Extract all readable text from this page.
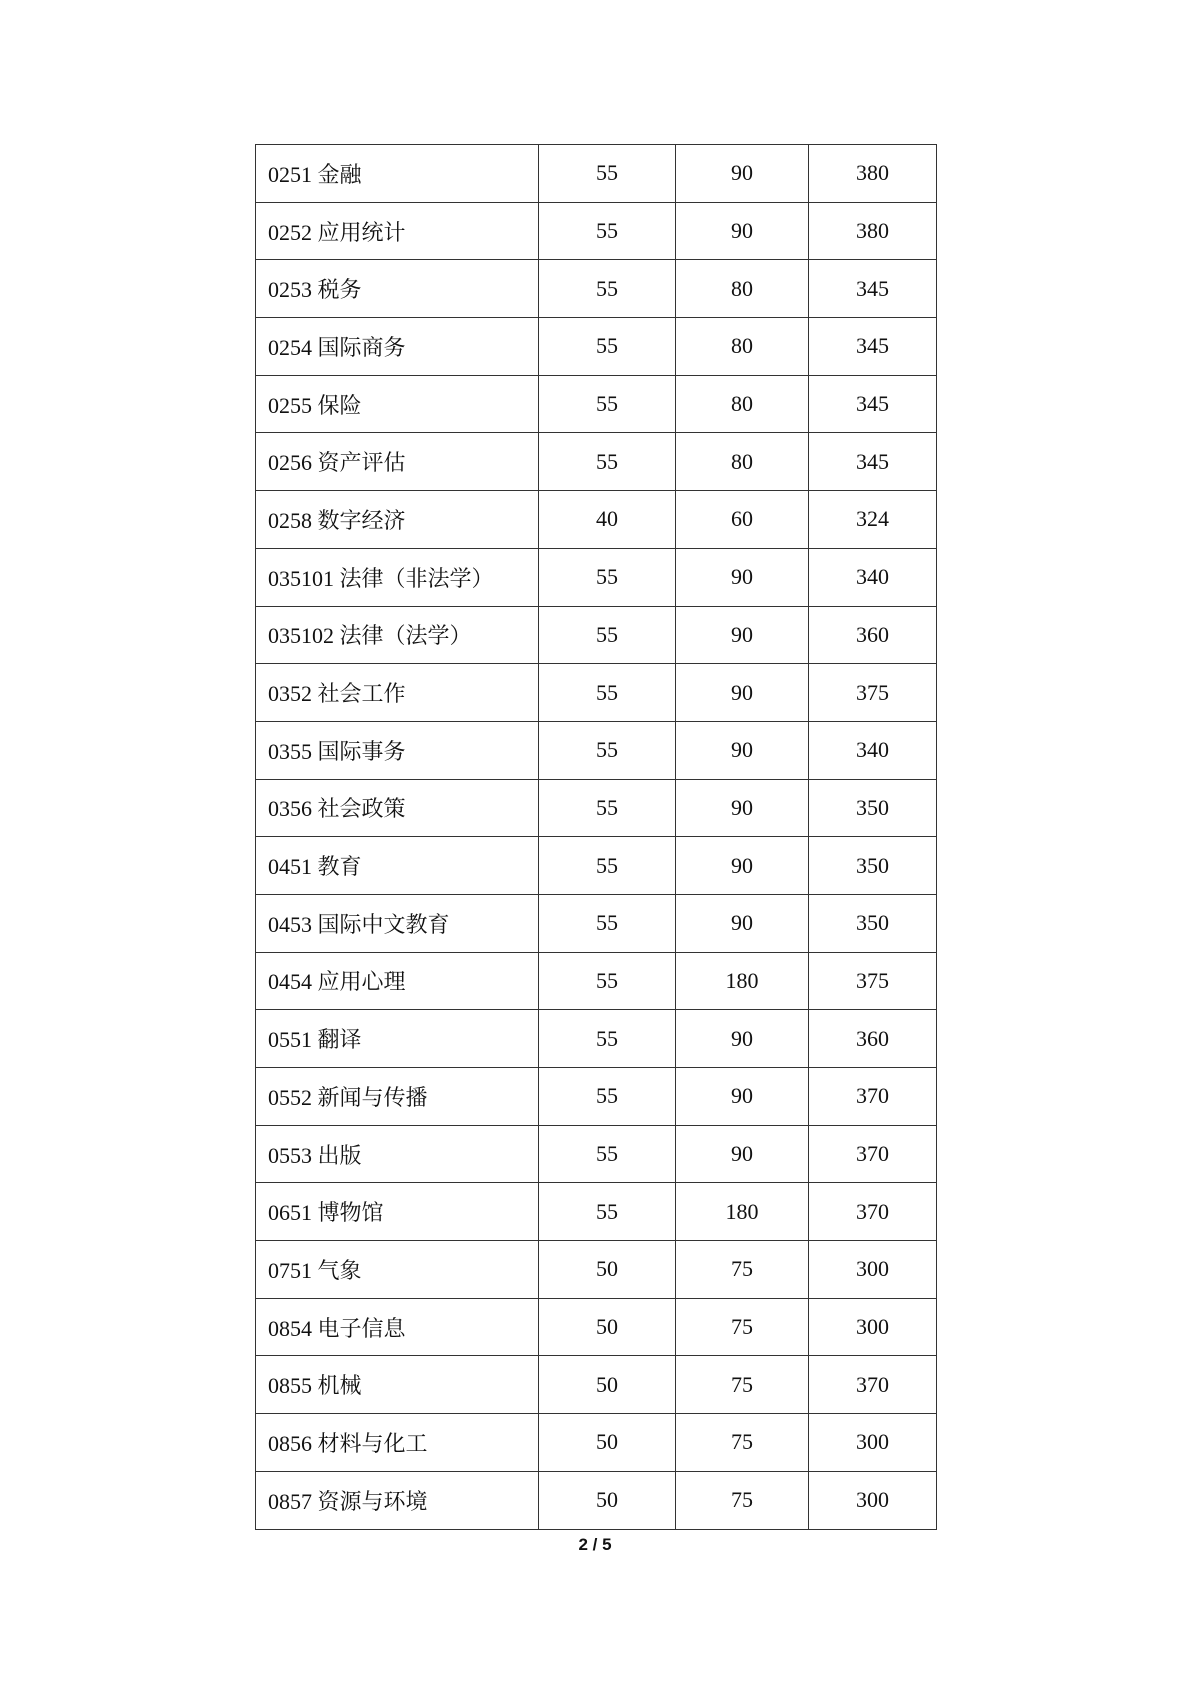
0251 金融	55	90	380
0252 应用统计	55	90	380
0253 税务	55	80	345
0254 国际商务	55	80	345
0255 保险	55	80	345
0256 资产评估	55	80	345
0258 数字经济	40	60	324
035101 法律（非法学）	55	90	340
035102 法律（法学）	55	90	360
0352 社会工作	55	90	375
0355 国际事务	55	90	340
0356 社会政策	55	90	350
0451 教育	55	90	350
0453 国际中文教育	55	90	350
0454 应用心理	55	180	375
0551 翻译	55	90	360
0552 新闻与传播	55	90	370
0553 出版	55	90	370
0651 博物馆	55	180	370
0751 气象	50	75	300
0854 电子信息	50	75	300
0855 机械	50	75	370
0856 材料与化工	50	75	300
0857 资源与环境	50	75	300
2 / 5
